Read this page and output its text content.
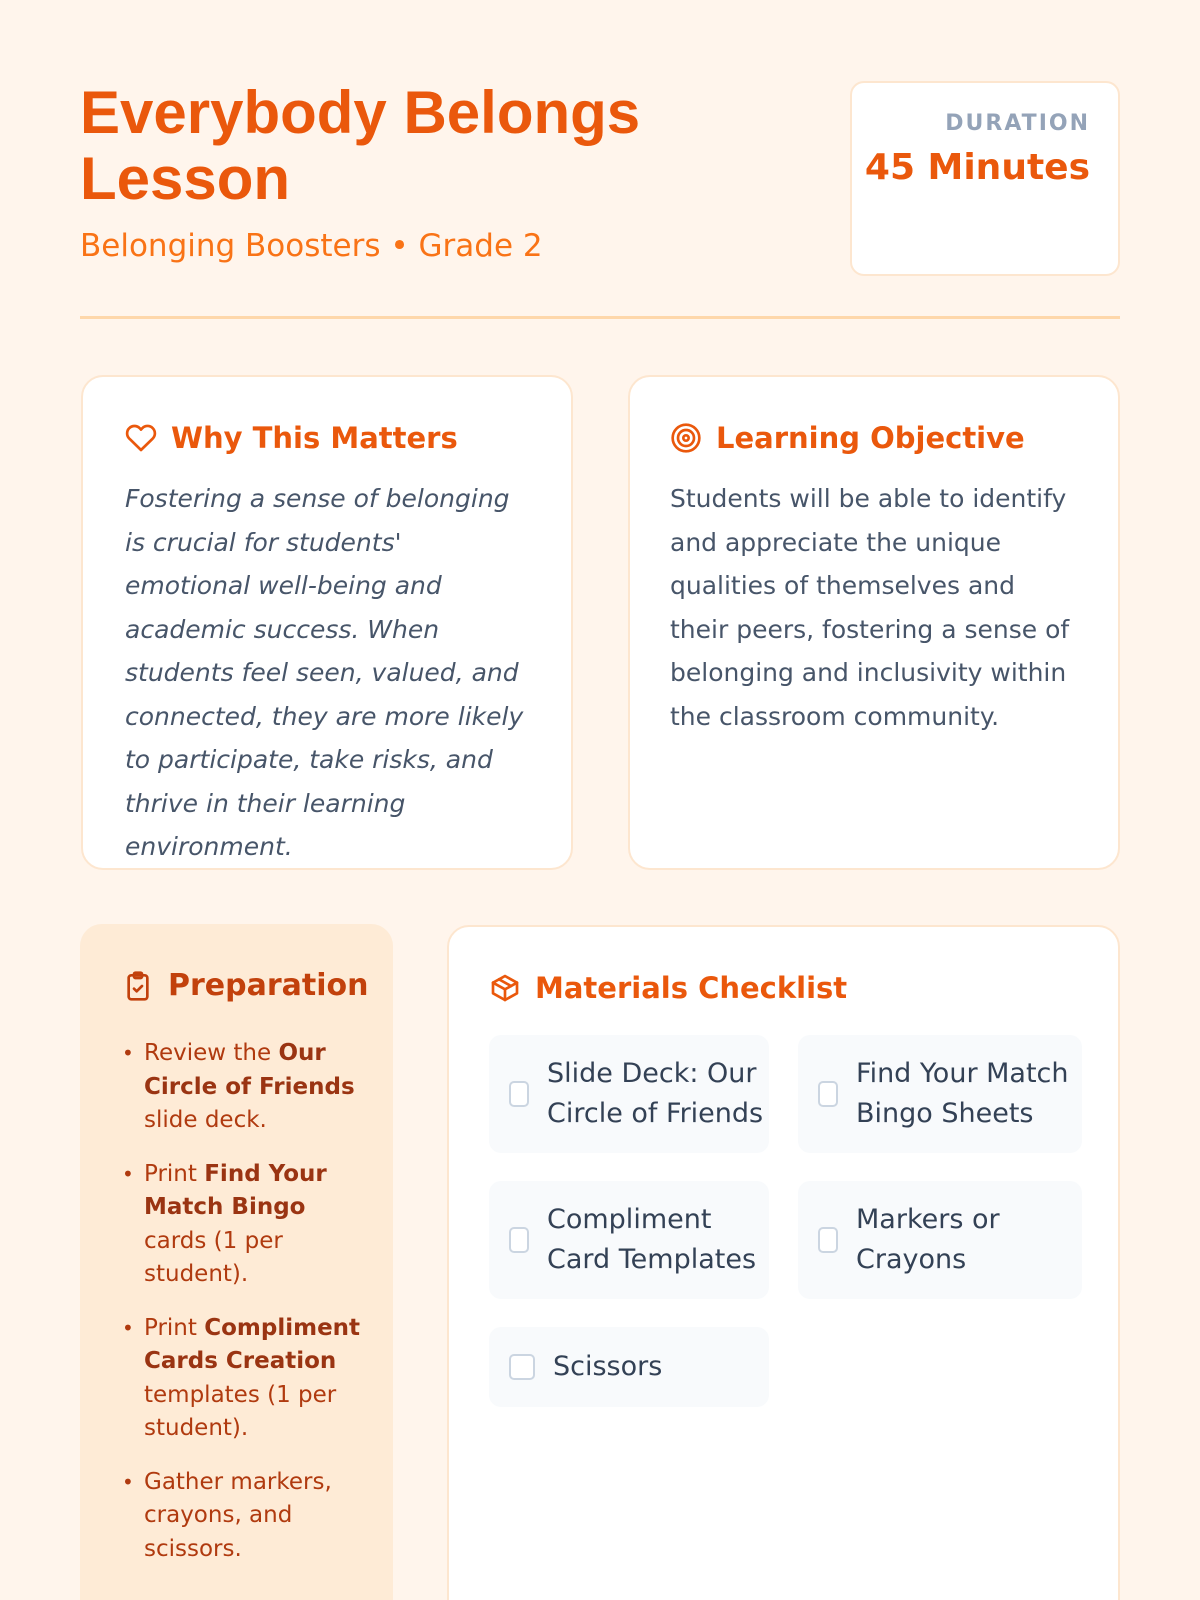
Everybody Belongs Lesson
Belonging Boosters • Grade 2
DURATION
45 Minutes
Why This Matters

Fostering a sense of belonging is crucial for students' emotional well-being and academic success. When students feel seen, valued, and connected, they are more likely to participate, take risks, and thrive in their learning environment.

Learning Objective

Students will be able to identify and appreciate the unique qualities of themselves and their peers, fostering a sense of belonging and inclusivity within the classroom community.

Preparation
• Review the Our Circle of Friends slide deck.
• Print Find Your Match Bingo cards (1 per student).
• Print Compliment Cards Creation templates (1 per student).
• Gather markers, crayons, and scissors.
Materials Checklist
Slide Deck: Our Circle of Friends
Find Your Match Bingo Sheets
Compliment Card Templates
Markers or Crayons
Scissors
